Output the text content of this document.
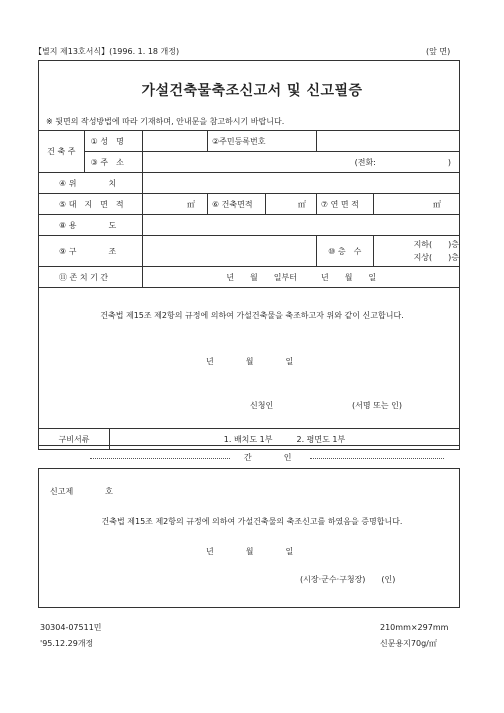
【별지 제13호서식】(1996. 1. 18 개정)	(앞 면)
가설건축물축조신고서 및 신고필증
※ 뒷면의 작성방법에 따라 기재하며, 안내문을 참고하시기 바랍니다.
건 축 주	① 성　명		②주민등록번호			
	③ 주　소	(전화:　　　　　　　　　)				
④ 위　　　　치						
⑤ 대　지　면　적		㎡	⑥ 건축면적	㎡	⑦ 연 면 적	㎡
⑧ 용　　　　도						
⑨ 구　　　　조					⑩ 층　수	지하(　　)층
지상(　　)층

⑪ 존 치 기 간		년　　월　　일부터　　　년　　월　　일				
건축법 제15조 제2항의 규정에 의하여 가설건축물을 축조하고자 위와 같이 신고합니다.
년　　　　월　　　　일
신청인	(서명 또는 인)
구비서류	1. 배치도 1부　　　2. 평면도 1부
간　　　　인
신고제　　　　호
건축법 제15조 제2항의 규정에 의하여 가설건축물의 축조신고를 하였음을 증명합니다.
년　　　　월　　　　일
(시장·군수·구청장)　　(인)
30304-07511민
'95.12.29개정
210mm×297mm
신문용지70g/㎡
